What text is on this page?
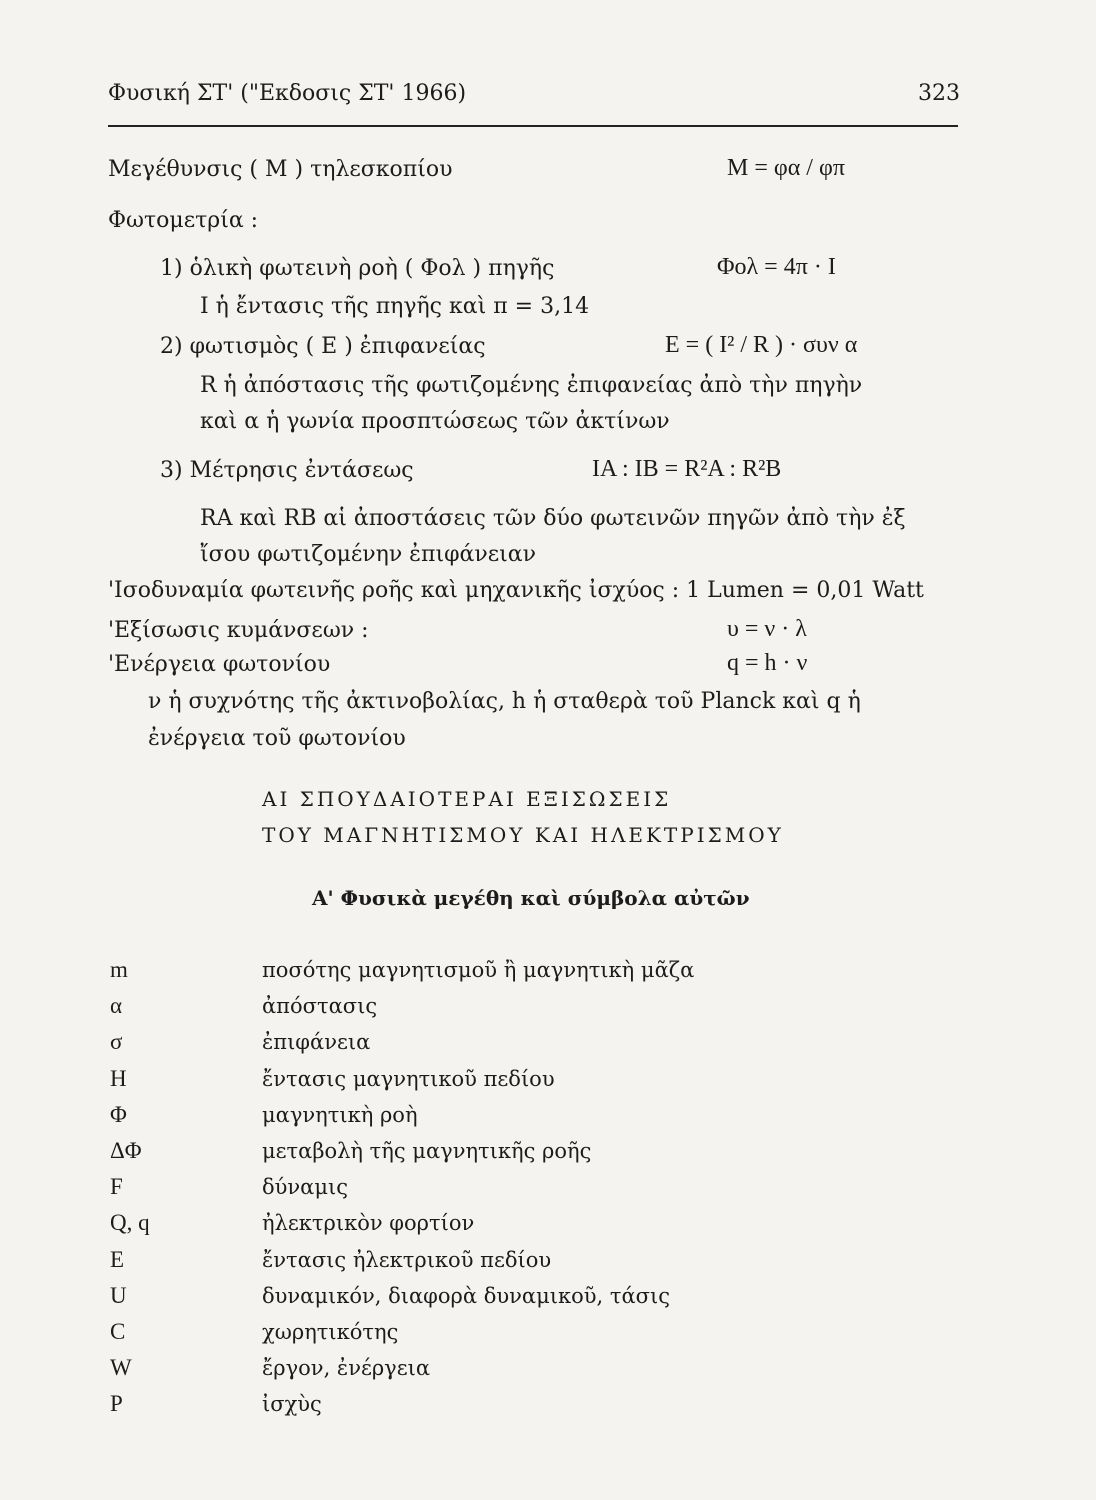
Φυσική ΣΤ' ("Εκδοσις ΣΤ' 1966)	323
Μεγέθυνσις ( M ) τηλεσκοπίου	M = φα / φπ
Φωτομετρία :
1) ὁλικὴ φωτεινὴ ροὴ ( Φολ ) πηγῆς	Φολ = 4π · I
I ἡ ἔντασις τῆς πηγῆς καὶ π = 3,14
2) φωτισμὸς ( E ) ἐπιφανείας	E = ( I² / R ) · συν α
R ἡ ἀπόστασις τῆς φωτιζομένης ἐπιφανείας ἀπὸ τὴν πηγὴν
καὶ α ἡ γωνία προσπτώσεως τῶν ἀκτίνων
3) Μέτρησις ἐντάσεως	IA : IB = R²A : R²B
RA καὶ RB αἱ ἀποστάσεις τῶν δύο φωτεινῶν πηγῶν ἀπὸ τὴν ἐξ
ἴσου φωτιζομένην ἐπιφάνειαν
'Ισοδυναμία φωτεινῆς ροῆς καὶ μηχανικῆς ἰσχύος : 1 Lumen = 0,01 Watt
'Εξίσωσις κυμάνσεων :	υ = ν · λ
'Ενέργεια φωτονίου	q = h · ν
ν ἡ συχνότης τῆς ἀκτινοβολίας, h ἡ σταθερὰ τοῦ Planck καὶ q ἡ
ἐνέργεια τοῦ φωτονίου
ΑΙ ΣΠΟΥΔΑΙΟΤΕΡΑΙ ΕΞΙΣΩΣΕΙΣ
ΤΟΥ ΜΑΓΝΗΤΙΣΜΟΥ ΚΑΙ ΗΛΕΚΤΡΙΣΜΟΥ
Α' Φυσικὰ μεγέθη καὶ σύμβολα αὐτῶν
m	ποσότης μαγνητισμοῦ ἢ μαγνητικὴ μᾶζα
α	ἀπόστασις
σ	ἐπιφάνεια
H	ἔντασις μαγνητικοῦ πεδίου
Φ	μαγνητικὴ ροὴ
ΔΦ	μεταβολὴ τῆς μαγνητικῆς ροῆς
F	δύναμις
Q, q	ἠλεκτρικὸν φορτίον
E	ἔντασις ἠλεκτρικοῦ πεδίου
U	δυναμικόν, διαφορὰ δυναμικοῦ, τάσις
C	χωρητικότης
W	ἔργον, ἐνέργεια
P	ἰσχὺς
